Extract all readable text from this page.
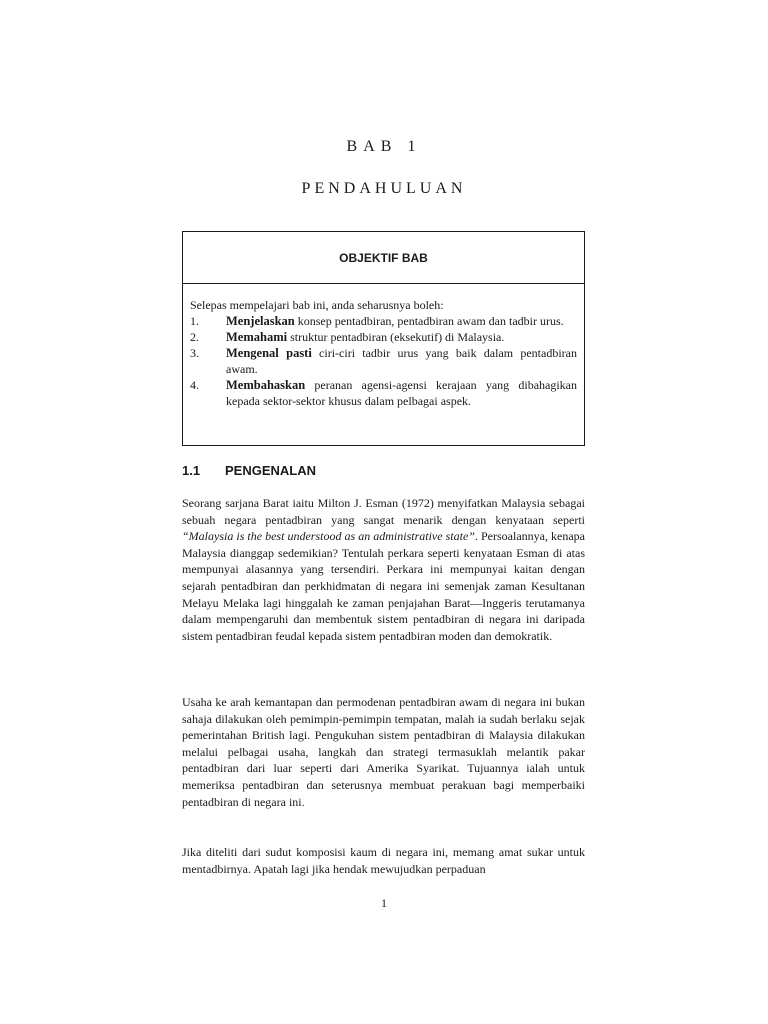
BAB 1
PENDAHULUAN
OBJEKTIF BAB
Selepas mempelajari bab ini, anda seharusnya boleh:
1.	Menjelaskan konsep pentadbiran, pentadbiran awam dan tadbir urus.
2.	Memahami struktur pentadbiran (eksekutif) di Malaysia.
3.	Mengenal pasti ciri-ciri tadbir urus yang baik dalam pentadbiran awam.
4.	Membahaskan peranan agensi-agensi kerajaan yang dibahagikan kepada sektor-sektor khusus dalam pelbagai aspek.
1.1	PENGENALAN
Seorang sarjana Barat iaitu Milton J. Esman (1972) menyifatkan Malaysia sebagai sebuah negara pentadbiran yang sangat menarik dengan kenyataan seperti “Malaysia is the best understood as an administrative state”. Persoalannya, kenapa Malaysia dianggap sedemikian? Tentulah perkara seperti kenyataan Esman di atas mempunyai alasannya yang tersendiri. Perkara ini mempunyai kaitan dengan sejarah pentadbiran dan perkhidmatan di negara ini semenjak zaman Kesultanan Melayu Melaka lagi hinggalah ke zaman penjajahan Barat—Inggeris terutamanya dalam mempengaruhi dan membentuk sistem pentadbiran di negara ini daripada sistem pentadbiran feudal kepada sistem pentadbiran moden dan demokratik.
Usaha ke arah kemantapan dan permodenan pentadbiran awam di negara ini bukan sahaja dilakukan oleh pemimpin-pemimpin tempatan, malah ia sudah berlaku sejak pemerintahan British lagi. Pengukuhan sistem pentadbiran di Malaysia dilakukan melalui pelbagai usaha, langkah dan strategi termasuklah melantik pakar pentadbiran dari luar seperti dari Amerika Syarikat. Tujuannya ialah untuk memeriksa pentadbiran dan seterusnya membuat perakuan bagi memperbaiki pentadbiran di negara ini.
Jika diteliti dari sudut komposisi kaum di negara ini, memang amat sukar untuk mentadbirnya. Apatah lagi jika hendak mewujudkan perpaduan
1
